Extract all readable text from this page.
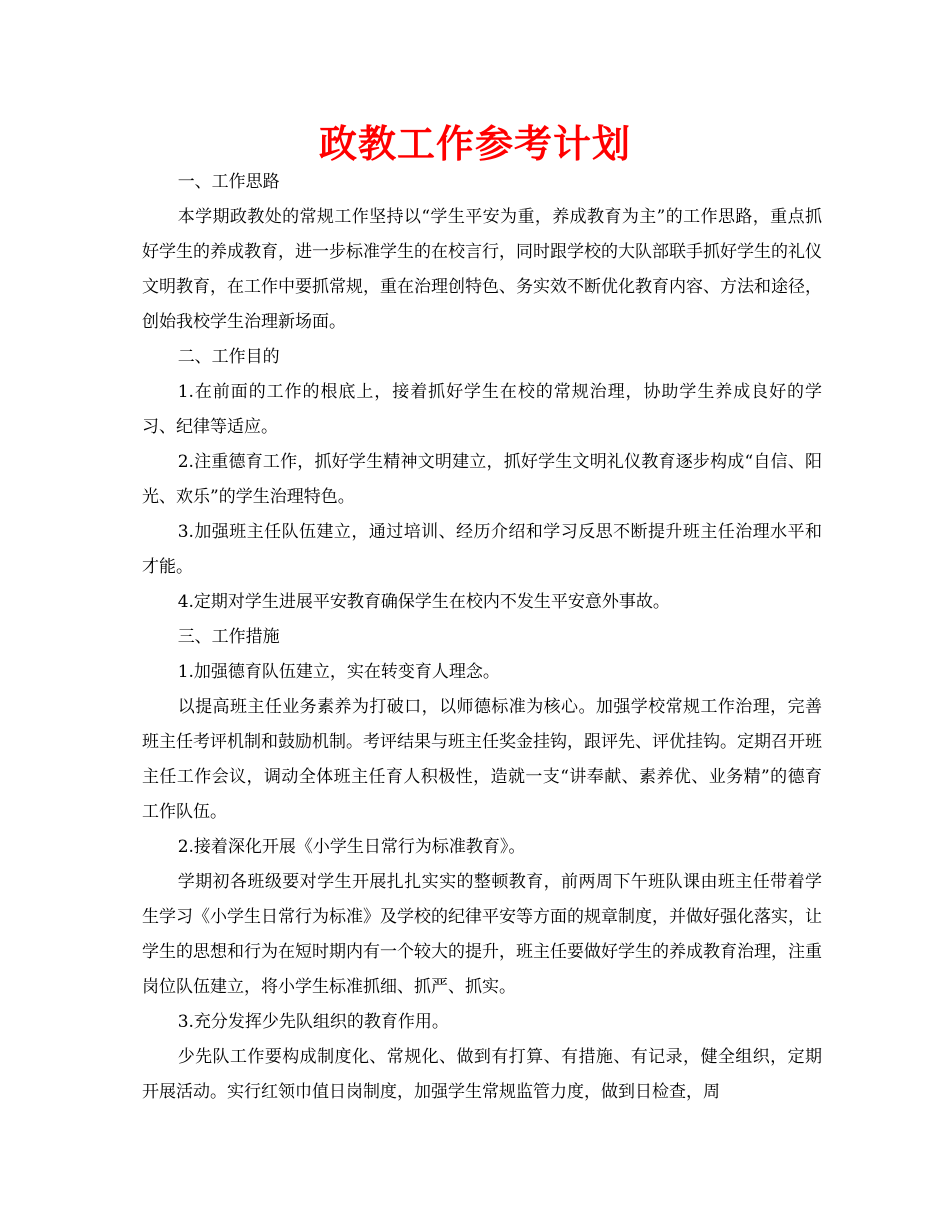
政教工作参考计划

一、工作思路

本学期政教处的常规工作坚持以“学生平安为重，养成教育为主”的工作思路，重点抓好学生的养成教育，进一步标准学生的在校言行，同时跟学校的大队部联手抓好学生的礼仪文明教育，在工作中要抓常规，重在治理创特色、务实效不断优化教育内容、方法和途径，创始我校学生治理新场面。

二、工作目的

1.在前面的工作的根底上，接着抓好学生在校的常规治理，协助学生养成良好的学习、纪律等适应。

2.注重德育工作，抓好学生精神文明建立，抓好学生文明礼仪教育逐步构成“自信、阳光、欢乐”的学生治理特色。

3.加强班主任队伍建立，通过培训、经历介绍和学习反思不断提升班主任治理水平和才能。

4.定期对学生进展平安教育确保学生在校内不发生平安意外事故。

三、工作措施

1.加强德育队伍建立，实在转变育人理念。

以提高班主任业务素养为打破口，以师德标准为核心。加强学校常规工作治理，完善班主任考评机制和鼓励机制。考评结果与班主任奖金挂钩，跟评先、评优挂钩。定期召开班主任工作会议，调动全体班主任育人积极性，造就一支“讲奉献、素养优、业务精”的德育工作队伍。

2.接着深化开展《小学生日常行为标准教育》。

学期初各班级要对学生开展扎扎实实的整顿教育，前两周下午班队课由班主任带着学生学习《小学生日常行为标准》及学校的纪律平安等方面的规章制度，并做好强化落实，让学生的思想和行为在短时期内有一个较大的提升，班主任要做好学生的养成教育治理，注重岗位队伍建立，将小学生标准抓细、抓严、抓实。

3.充分发挥少先队组织的教育作用。

少先队工作要构成制度化、常规化、做到有打算、有措施、有记录，健全组织，定期开展活动。实行红领巾值日岗制度，加强学生常规监管力度，做到日检查，周
